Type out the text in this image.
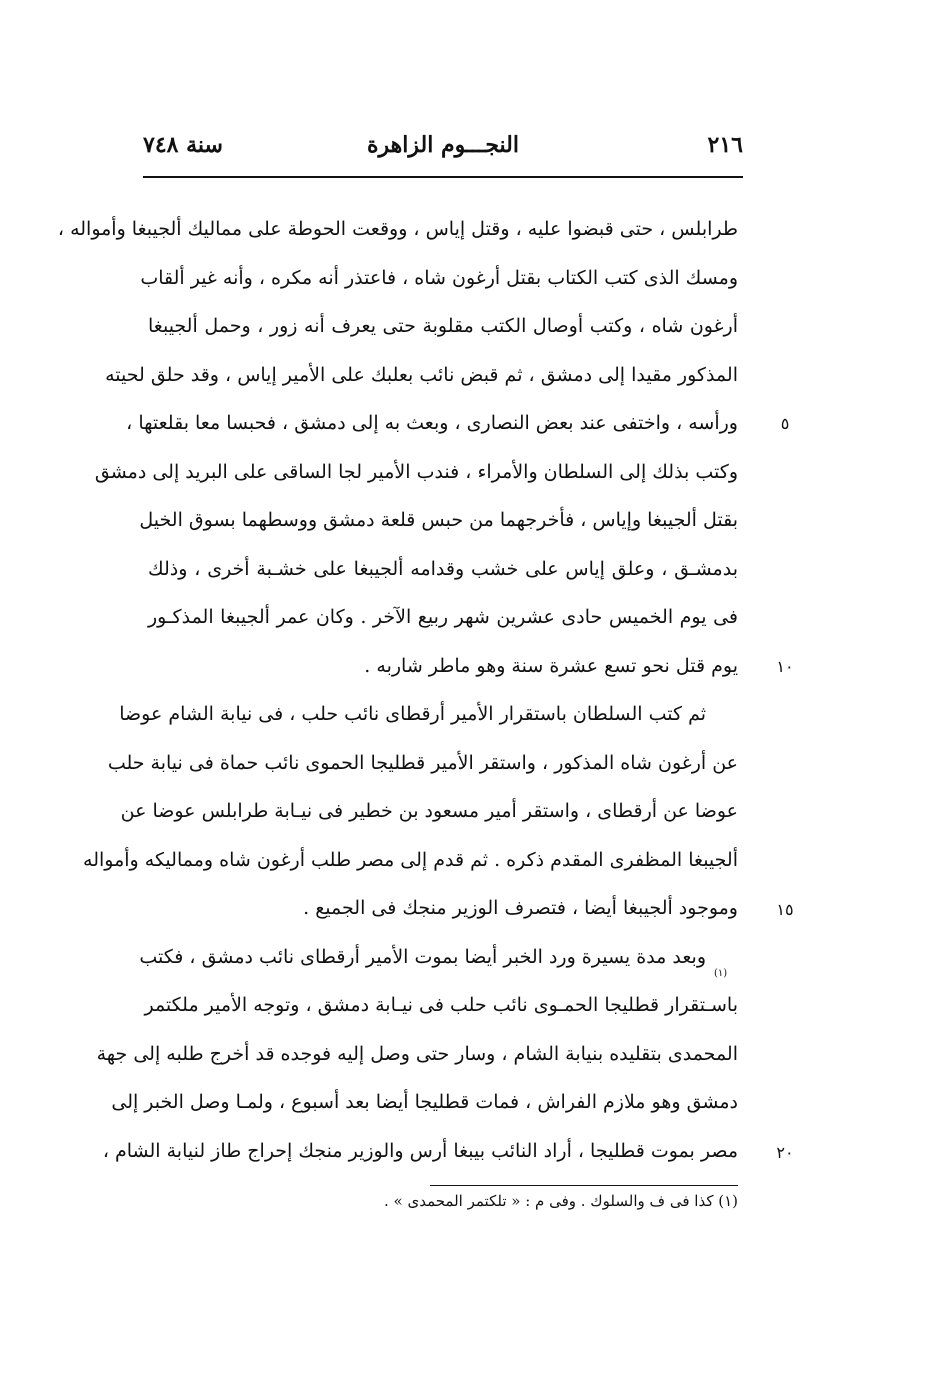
٢١٦
النجـــوم الزاهرة
سنة ٧٤٨
طرابلس ، حتى قبضوا عليه ، وقتل إياس ، ووقعت الحوطة على مماليك ألجيبغا وأمواله ،
ومسك الذى كتب الكتاب بقتل أرغون شاه ، فاعتذر أنه مكره ، وأنه غير ألقاب
أرغون شاه ، وكتب أوصال الكتب مقلوبة حتى يعرف أنه زور ، وحمل ألجيبغا
المذكور مقيدا إلى دمشق ، ثم قبض نائب بعلبك على الأمير إياس ، وقد حلق لحيته
ورأسه ، واختفى عند بعض النصارى ، وبعث به إلى دمشق ، فحبسا معا بقلعتها ،
وكتب بذلك إلى السلطان والأمراء ، فندب الأمير لجا الساقى على البريد إلى دمشق
بقتل ألجيبغا وإياس ، فأخرجهما من حبس قلعة دمشق ووسطهما بسوق الخيل
بدمشـق ، وعلق إياس على خشب وقدامه ألجيبغا على خشـبة أخرى ، وذلك
فى يوم الخميس حادى عشرين شهر ربيع الآخر . وكان عمر ألجيبغا المذكـور
يوم قتل نحو تسع عشرة سنة وهو ماطر شاربه .
ثم كتب السلطان باستقرار الأمير أرقطاى نائب حلب ، فى نيابة الشام عوضا
عن أرغون شاه المذكور ، واستقر الأمير قطليجا الحموى نائب حماة فى نيابة حلب
عوضا عن أرقطاى ، واستقر أمير مسعود بن خطير فى نيـابة طرابلس عوضا عن
ألجيبغا المظفرى المقدم ذكره . ثم قدم إلى مصر طلب أرغون شاه ومماليكه وأمواله
وموجود ألجيبغا أيضا ، فتصرف الوزير منجك فى الجميع .
وبعد مدة يسيرة ورد الخبر أيضا بموت الأمير أرقطاى نائب دمشق ، فكتب
باسـتقرار قطليجا الحمـوى نائب حلب فى نيـابة دمشق ، وتوجه الأمير ملكتمر
المحمدى بتقليده بنيابة الشام ، وسار حتى وصل إليه فوجده قد أخرج طلبه إلى جهة
دمشق وهو ملازم الفراش ، فمات قطليجا أيضا بعد أسبوع ، ولمـا وصل الخبر إلى
مصر بموت قطليجا ، أراد النائب بيبغا أرس والوزير منجك إحراج طاز لنيابة الشام ،
٥
١٠
١٥
٢٠
(١)
(١) كذا فى ف والسلوك . وفى م : « تلكتمر المحمدى » .
